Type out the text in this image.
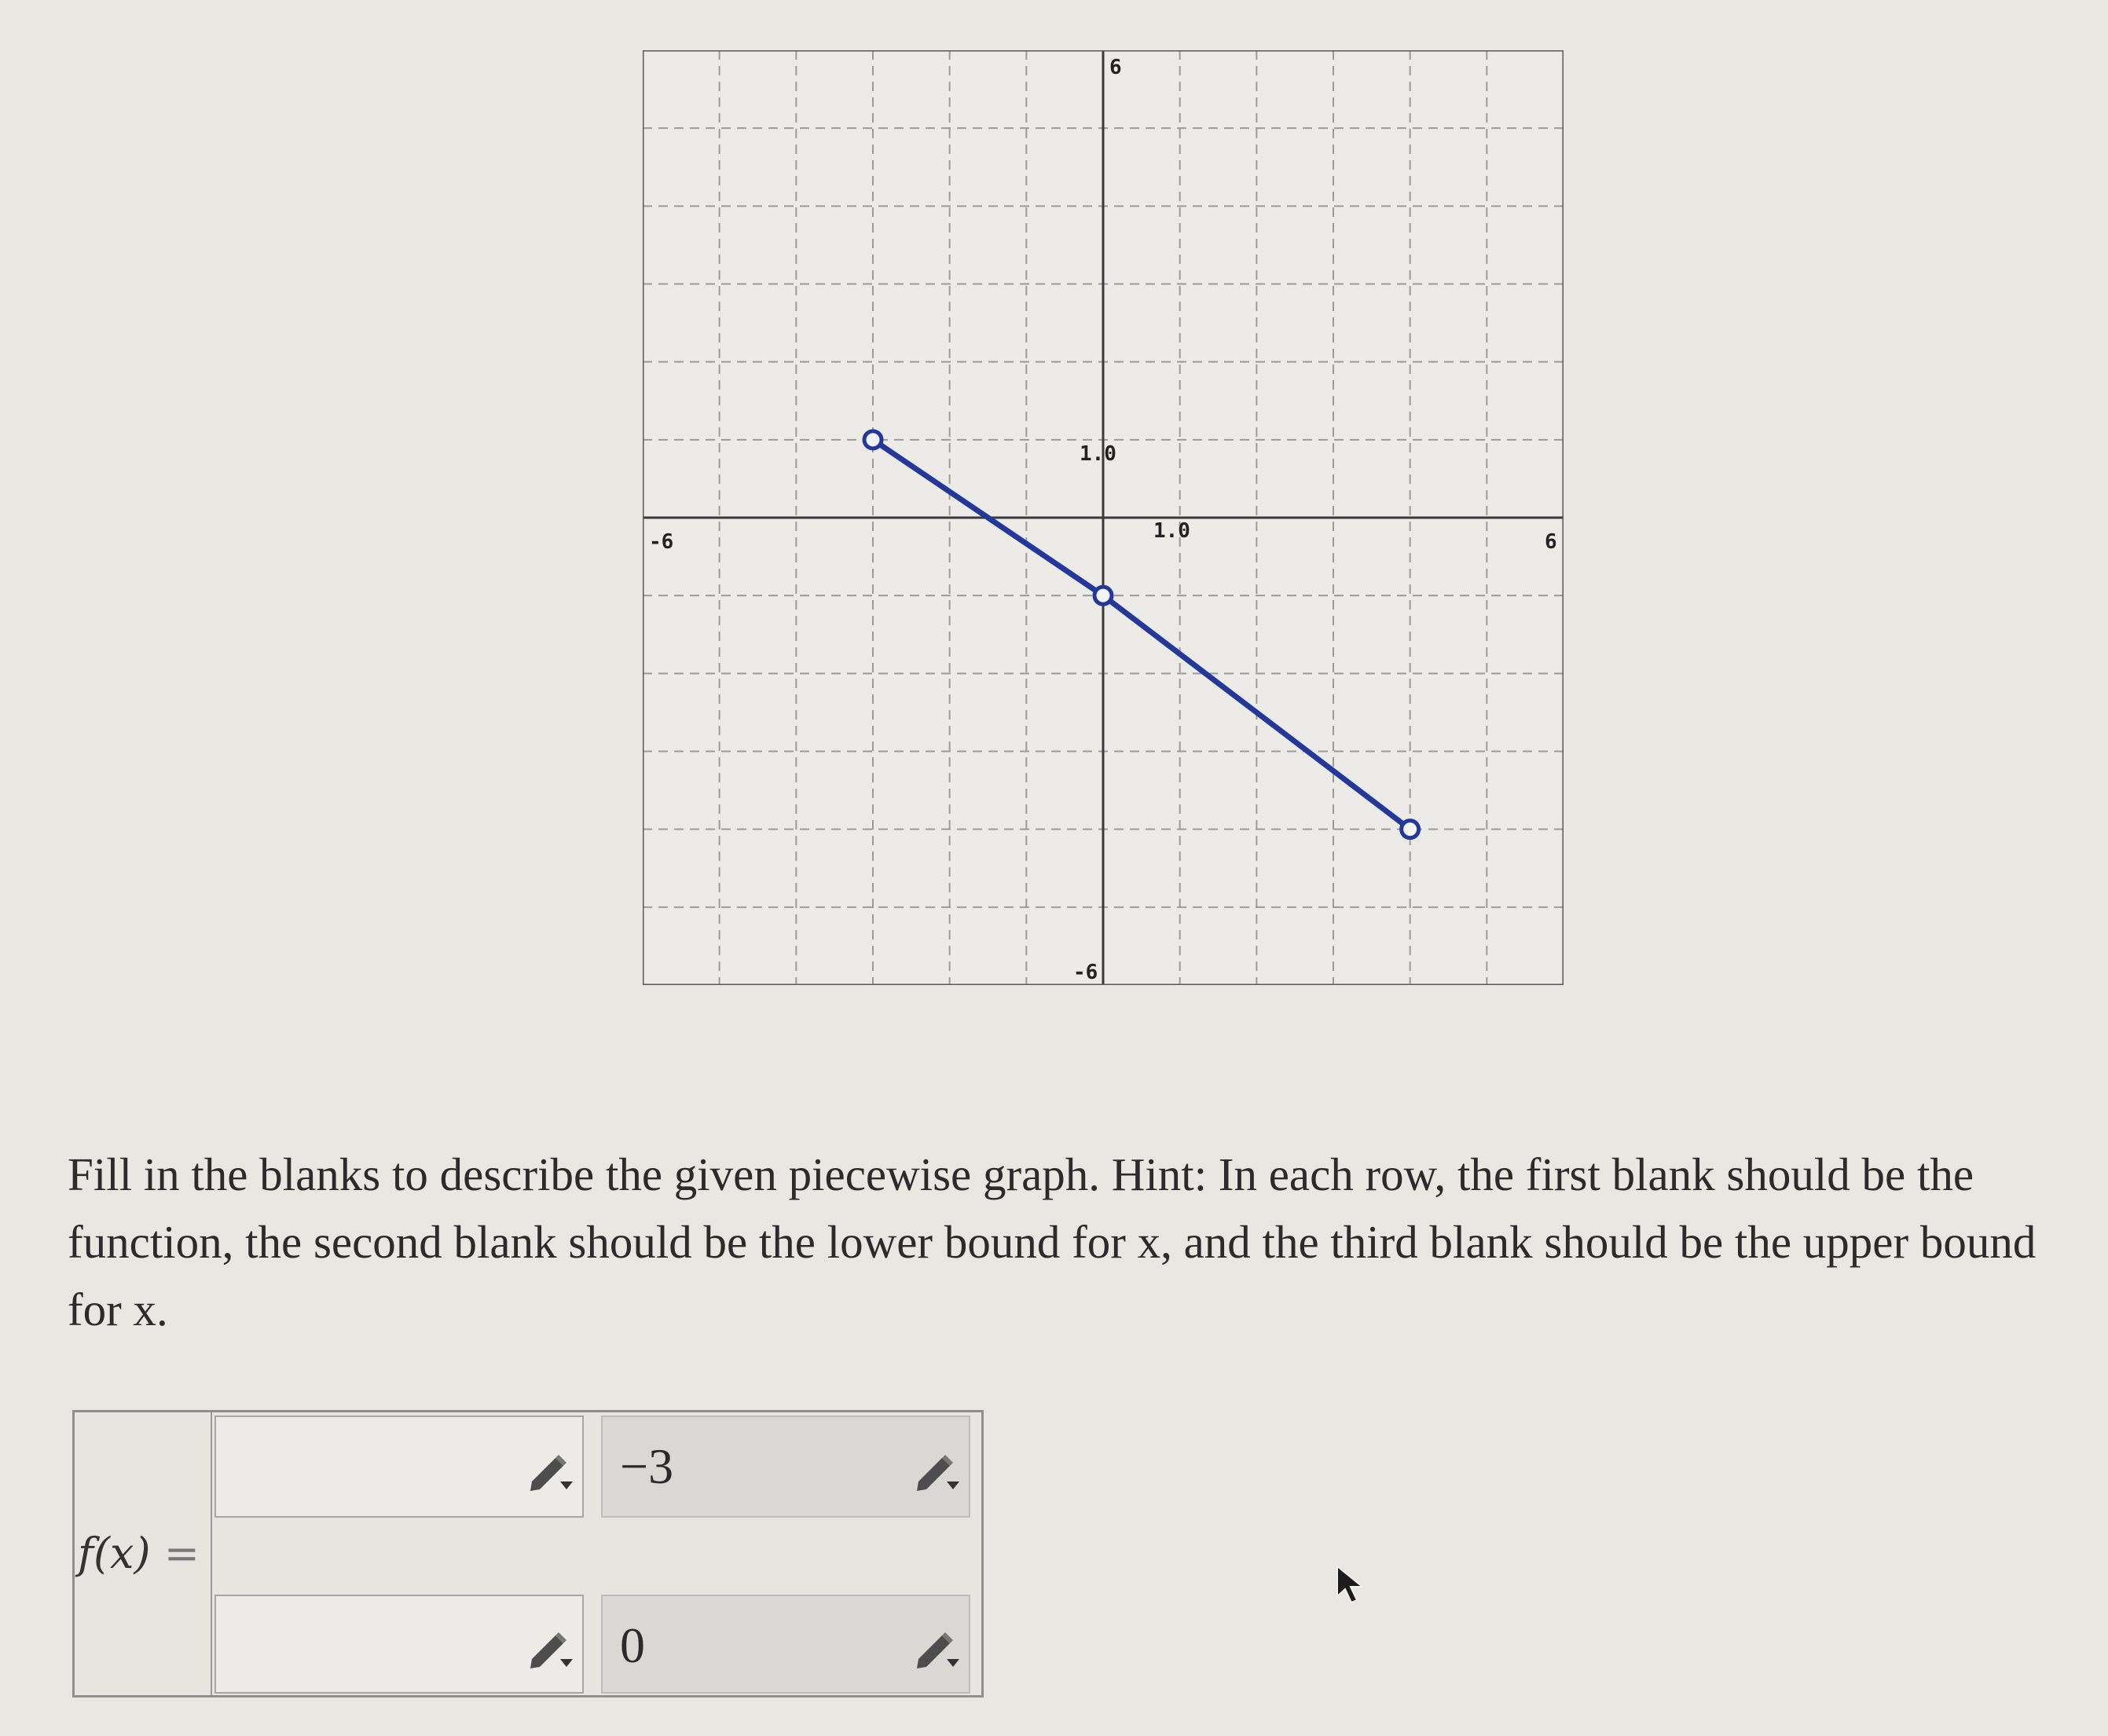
-6	6
6
-6
1.0
1.0
Fill in the blanks to describe the given piecewise graph. Hint: In each row, the first blank should be the function, the second blank should be the lower bound for x, and the third blank should be the upper bound for x.
f(x) =
−3
0
